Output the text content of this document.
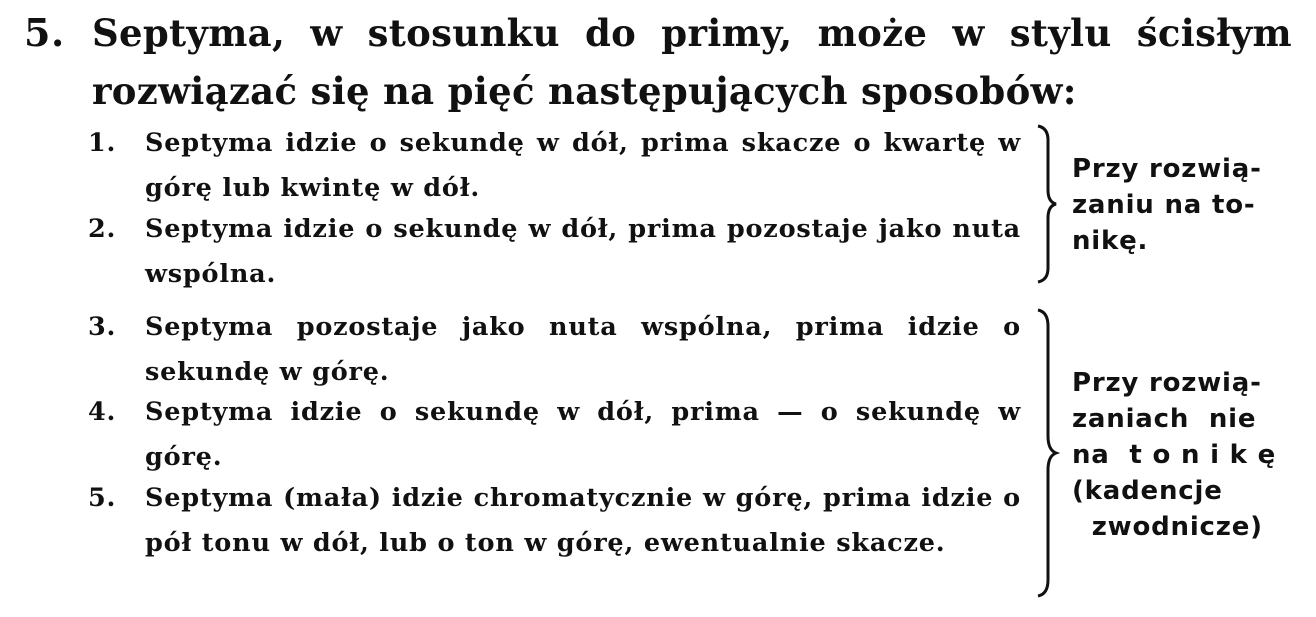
5. Septyma, w stosunku do primy, może w stylu ścisłym rozwiązać się na pięć następujących sposobów:

1. Septyma idzie o sekundę w dół, prima skacze o kwartę w górę lub kwintę w dół.
2. Septyma idzie o sekundę w dół, prima pozostaje jako nuta wspólna.
3. Septyma pozostaje jako nuta wspólna, prima idzie o sekundę w górę.
4. Septyma idzie o sekundę w dół, prima — o sekundę w górę.
5. Septyma (mała) idzie chromatycznie w górę, prima idzie o pół tonu w dół, lub o ton w górę, ewentualnie skacze.
Przy rozwią-
zaniu na to-
nikę.
Przy rozwią-
zaniach  nie
na  t o n i k ę
(kadencje
zwodnicze)
